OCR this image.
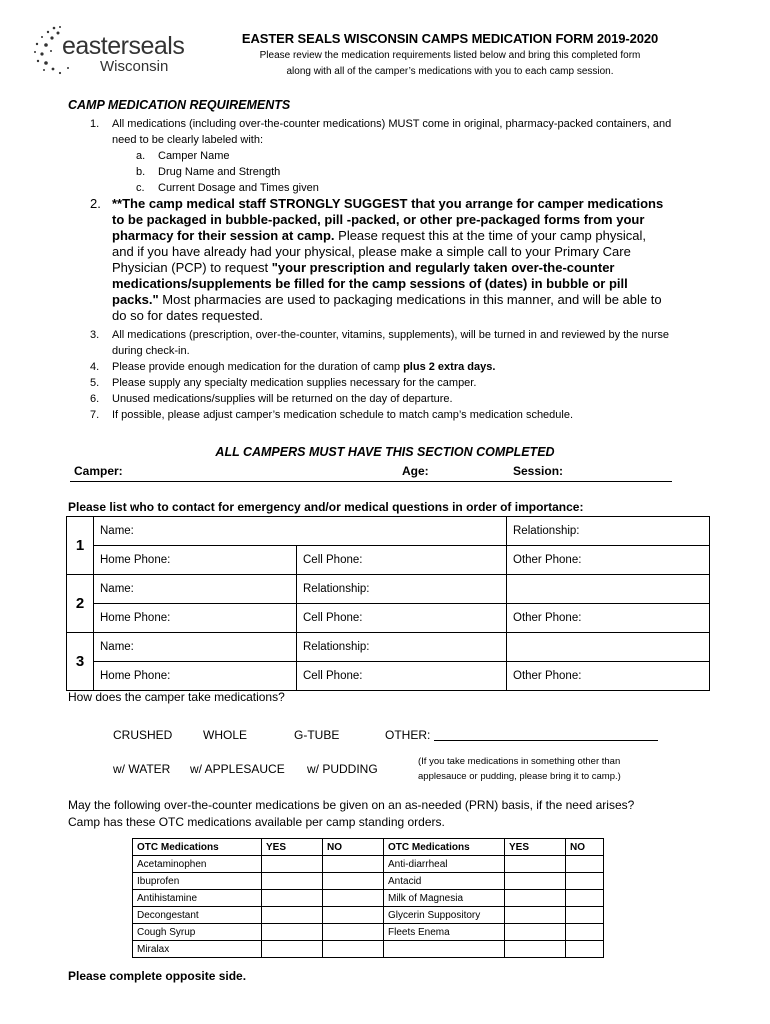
easterseals
Wisconsin
EASTER SEALS WISCONSIN CAMPS MEDICATION FORM 2019-2020
Please review the medication requirements listed below and bring this completed form
along with all of the camper’s medications with you to each camp session.
CAMP MEDICATION REQUIREMENTS
1. All medications (including over-the-counter medications) MUST come in original, pharmacy-packed containers, and
need to be clearly labeled with:
a. Camper Name
b. Drug Name and Strength
c. Current Dosage and Times given
2. **The camp medical staff STRONGLY SUGGEST that you arrange for camper medications
to be packaged in bubble-packed, pill -packed, or other pre-packaged forms from your
pharmacy for their session at camp. Please request this at the time of your camp physical,
and if you have already had your physical, please make a simple call to your Primary Care
Physician (PCP) to request "your prescription and regularly taken over-the-counter
medications/supplements be filled for the camp sessions of (dates) in bubble or pill
packs." Most pharmacies are used to packaging medications in this manner, and will be able to
do so for dates requested.
3. All medications (prescription, over-the-counter, vitamins, supplements), will be turned in and reviewed by the nurse
during check-in.
4. Please provide enough medication for the duration of camp plus 2 extra days.
5. Please supply any specialty medication supplies necessary for the camper.
6. Unused medications/supplies will be returned on the day of departure.
7. If possible, please adjust camper’s medication schedule to match camp’s medication schedule.
ALL CAMPERS MUST HAVE THIS SECTION COMPLETED
Camper:	Age:	Session:
Please list who to contact for emergency and/or medical questions in order of importance:
1	Name:		Relationship:
	Home Phone:	Cell Phone:	Other Phone:
2	Name:	Relationship:	
	Home Phone:	Cell Phone:	Other Phone:
3	Name:	Relationship:	
	Home Phone:	Cell Phone:	Other Phone:
How does the camper take medications?
CRUSHED	WHOLE	G-TUBE	OTHER:
w/ WATER w/ APPLESAUCE w/ PUDDING
(If you take medications in something other than
applesauce or pudding, please bring it to camp.)
May the following over-the-counter medications be given on an as-needed (PRN) basis, if the need arises?
Camp has these OTC medications available per camp standing orders.
OTC Medications	YES	NO	OTC Medications	YES	NO
Acetaminophen			Anti-diarrheal		
Ibuprofen			Antacid		
Antihistamine			Milk of Magnesia		
Decongestant			Glycerin Suppository		
Cough Syrup			Fleets Enema		
Miralax					
Please complete opposite side.
